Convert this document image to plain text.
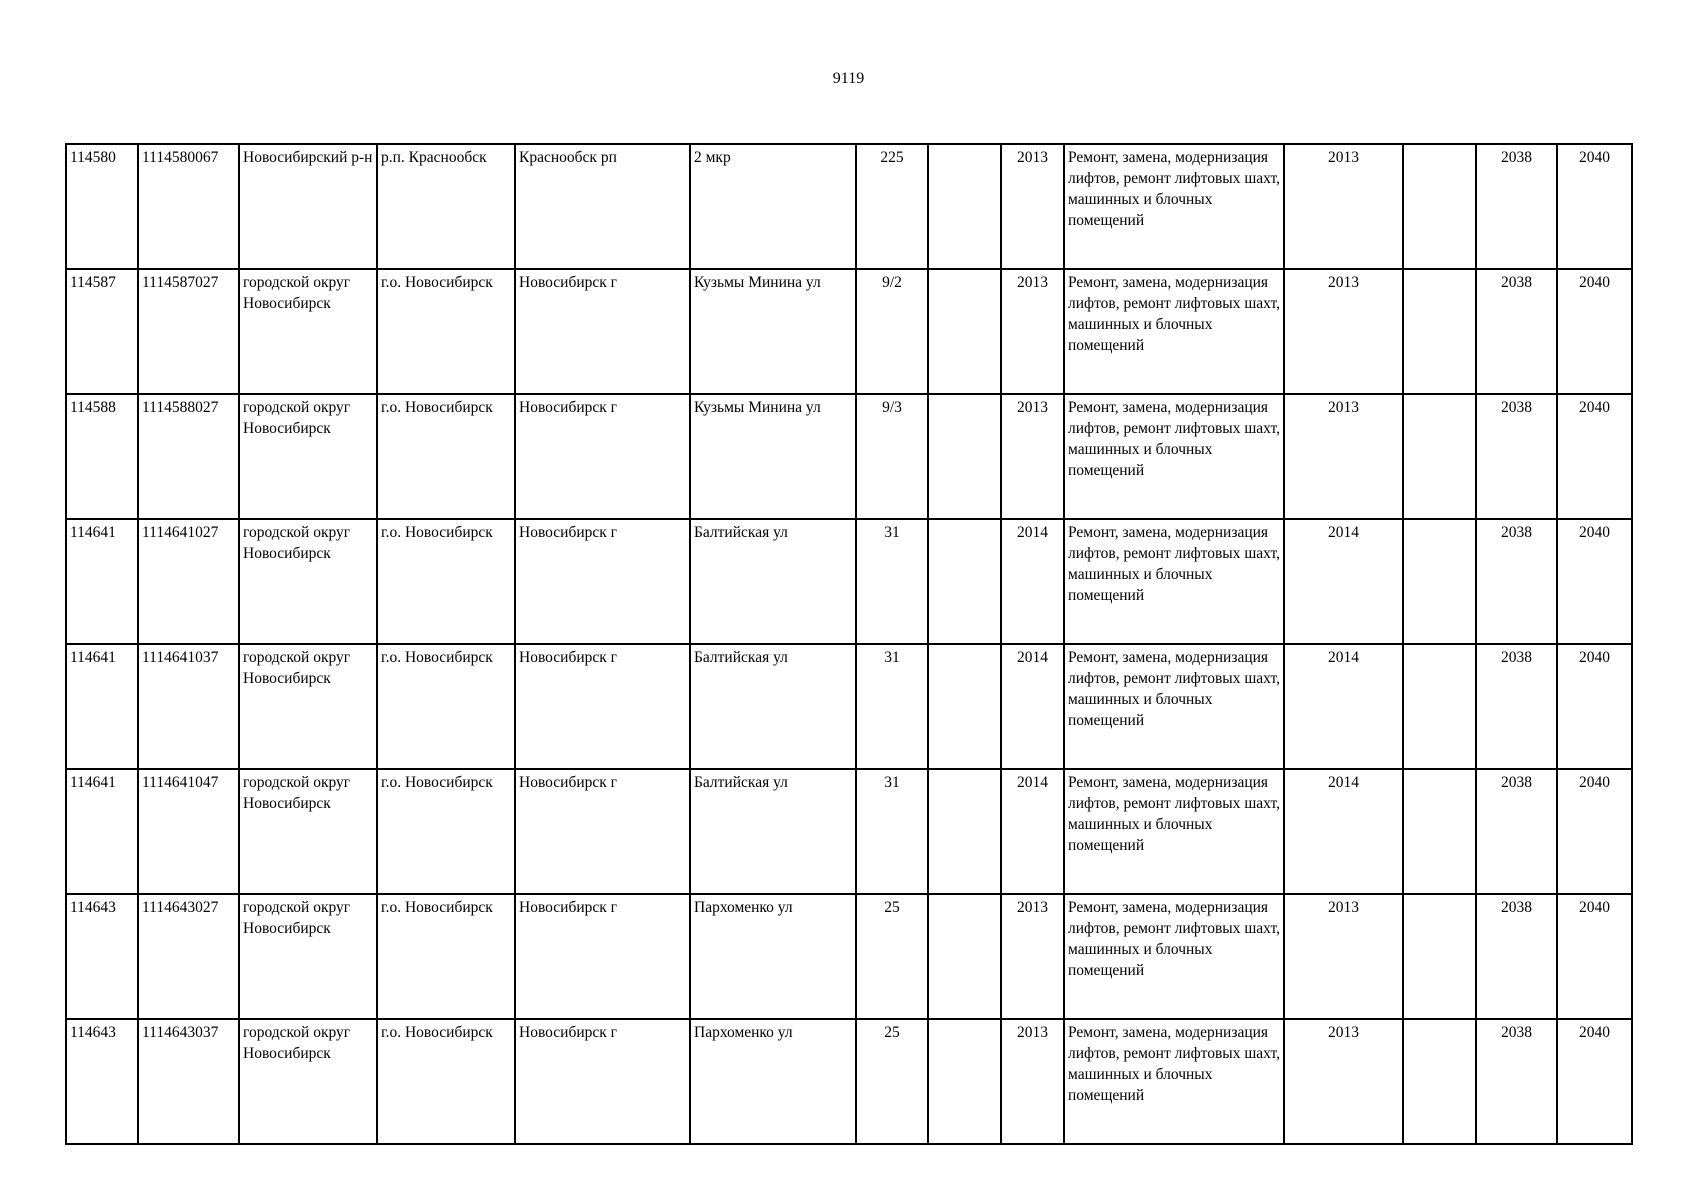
9119
114580	1114580067	Новосибирский р-н	р.п. Краснообск	Краснообск рп	2 мкр	225		2013	Ремонт, замена, модернизация лифтов, ремонт лифтовых шахт, машинных и блочных помещений	2013		2038	2040
114587	1114587027	городской округ Новосибирск	г.о. Новосибирск	Новосибирск г	Кузьмы Минина ул	9/2		2013	Ремонт, замена, модернизация лифтов, ремонт лифтовых шахт, машинных и блочных помещений	2013		2038	2040
114588	1114588027	городской округ Новосибирск	г.о. Новосибирск	Новосибирск г	Кузьмы Минина ул	9/3		2013	Ремонт, замена, модернизация лифтов, ремонт лифтовых шахт, машинных и блочных помещений	2013		2038	2040
114641	1114641027	городской округ Новосибирск	г.о. Новосибирск	Новосибирск г	Балтийская ул	31		2014	Ремонт, замена, модернизация лифтов, ремонт лифтовых шахт, машинных и блочных помещений	2014		2038	2040
114641	1114641037	городской округ Новосибирск	г.о. Новосибирск	Новосибирск г	Балтийская ул	31		2014	Ремонт, замена, модернизация лифтов, ремонт лифтовых шахт, машинных и блочных помещений	2014		2038	2040
114641	1114641047	городской округ Новосибирск	г.о. Новосибирск	Новосибирск г	Балтийская ул	31		2014	Ремонт, замена, модернизация лифтов, ремонт лифтовых шахт, машинных и блочных помещений	2014		2038	2040
114643	1114643027	городской округ Новосибирск	г.о. Новосибирск	Новосибирск г	Пархоменко ул	25		2013	Ремонт, замена, модернизация лифтов, ремонт лифтовых шахт, машинных и блочных помещений	2013		2038	2040
114643	1114643037	городской округ Новосибирск	г.о. Новосибирск	Новосибирск г	Пархоменко ул	25		2013	Ремонт, замена, модернизация лифтов, ремонт лифтовых шахт, машинных и блочных помещений	2013		2038	2040
